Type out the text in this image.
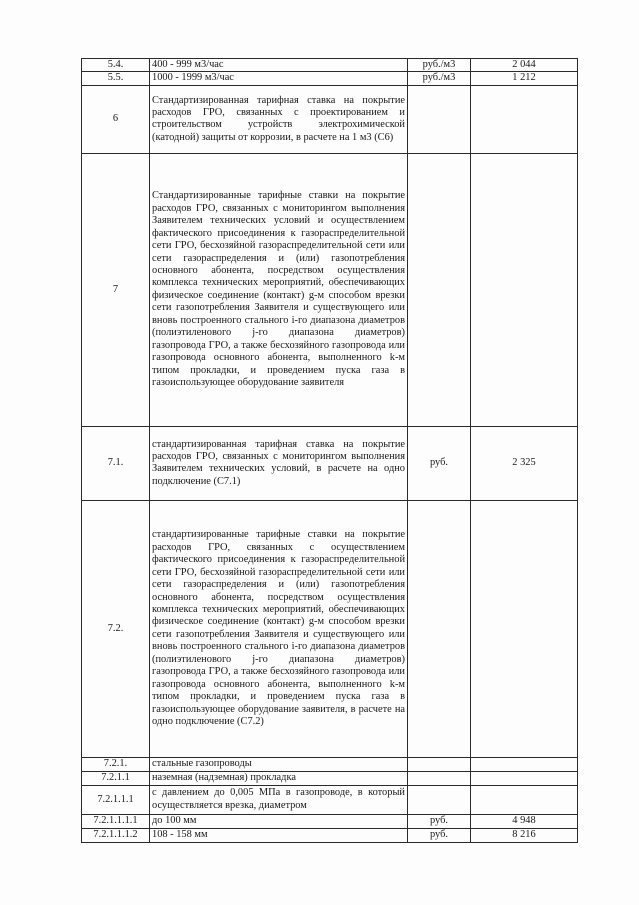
5.4.	400 - 999 м3/час	руб./м3	2 044
5.5.	1000 - 1999 м3/час	руб./м3	1 212
6	Стандартизированная тарифная ставка на покрытие расходов ГРО, связанных с проектированием и строительством устройств электрохимической (катодной) защиты от коррозии, в расчете на 1 м3 (С6)		
7	Стандартизированные тарифные ставки на покрытие расходов ГРО, связанных с мониторингом выполнения Заявителем технических условий и осуществлением фактического присоединения к газораспределительной сети ГРО, бесхозяйной газораспределительной сети или сети газораспределения и (или) газопотребления основного абонента, посредством осуществления комплекса технических мероприятий, обеспечивающих физическое соединение (контакт) g-м способом врезки сети газопотребления Заявителя и существующего или вновь построенного стального i-го диапазона диаметров (полиэтиленового j-го диапазона диаметров) газопровода ГРО, а также бесхозяйного газопровода или газопровода основного абонента, выполненного k-м типом прокладки, и проведением пуска газа в газоиспользующее оборудование заявителя		
7.1.	стандартизированная тарифная ставка на покрытие расходов ГРО, связанных с мониторингом выполнения Заявителем технических условий, в расчете на одно подключение (С7.1)	руб.	2 325
7.2.	стандартизированные тарифные ставки на покрытие расходов ГРО, связанных с осуществлением фактического присоединения к газораспределительной сети ГРО, бесхозяйной газораспределительной сети или сети газораспределения и (или) газопотребления основного абонента, посредством осуществления комплекса технических мероприятий, обеспечивающих физическое соединение (контакт) g-м способом врезки сети газопотребления Заявителя и существующего или вновь построенного стального i-го диапазона диаметров (полиэтиленового j-го диапазона диаметров) газопровода ГРО, а также бесхозяйного газопровода или газопровода основного абонента, выполненного k-м типом прокладки, и проведением пуска газа в газоиспользующее оборудование заявителя, в расчете на одно подключение (С7.2)		
7.2.1.	стальные газопроводы		
7.2.1.1	наземная (надземная) прокладка		
7.2.1.1.1	с давлением до 0,005 МПа в газопроводе, в который осуществляется врезка, диаметром		
7.2.1.1.1.1	до 100 мм	руб.	4 948
7.2.1.1.1.2	108 - 158 мм	руб.	8 216
